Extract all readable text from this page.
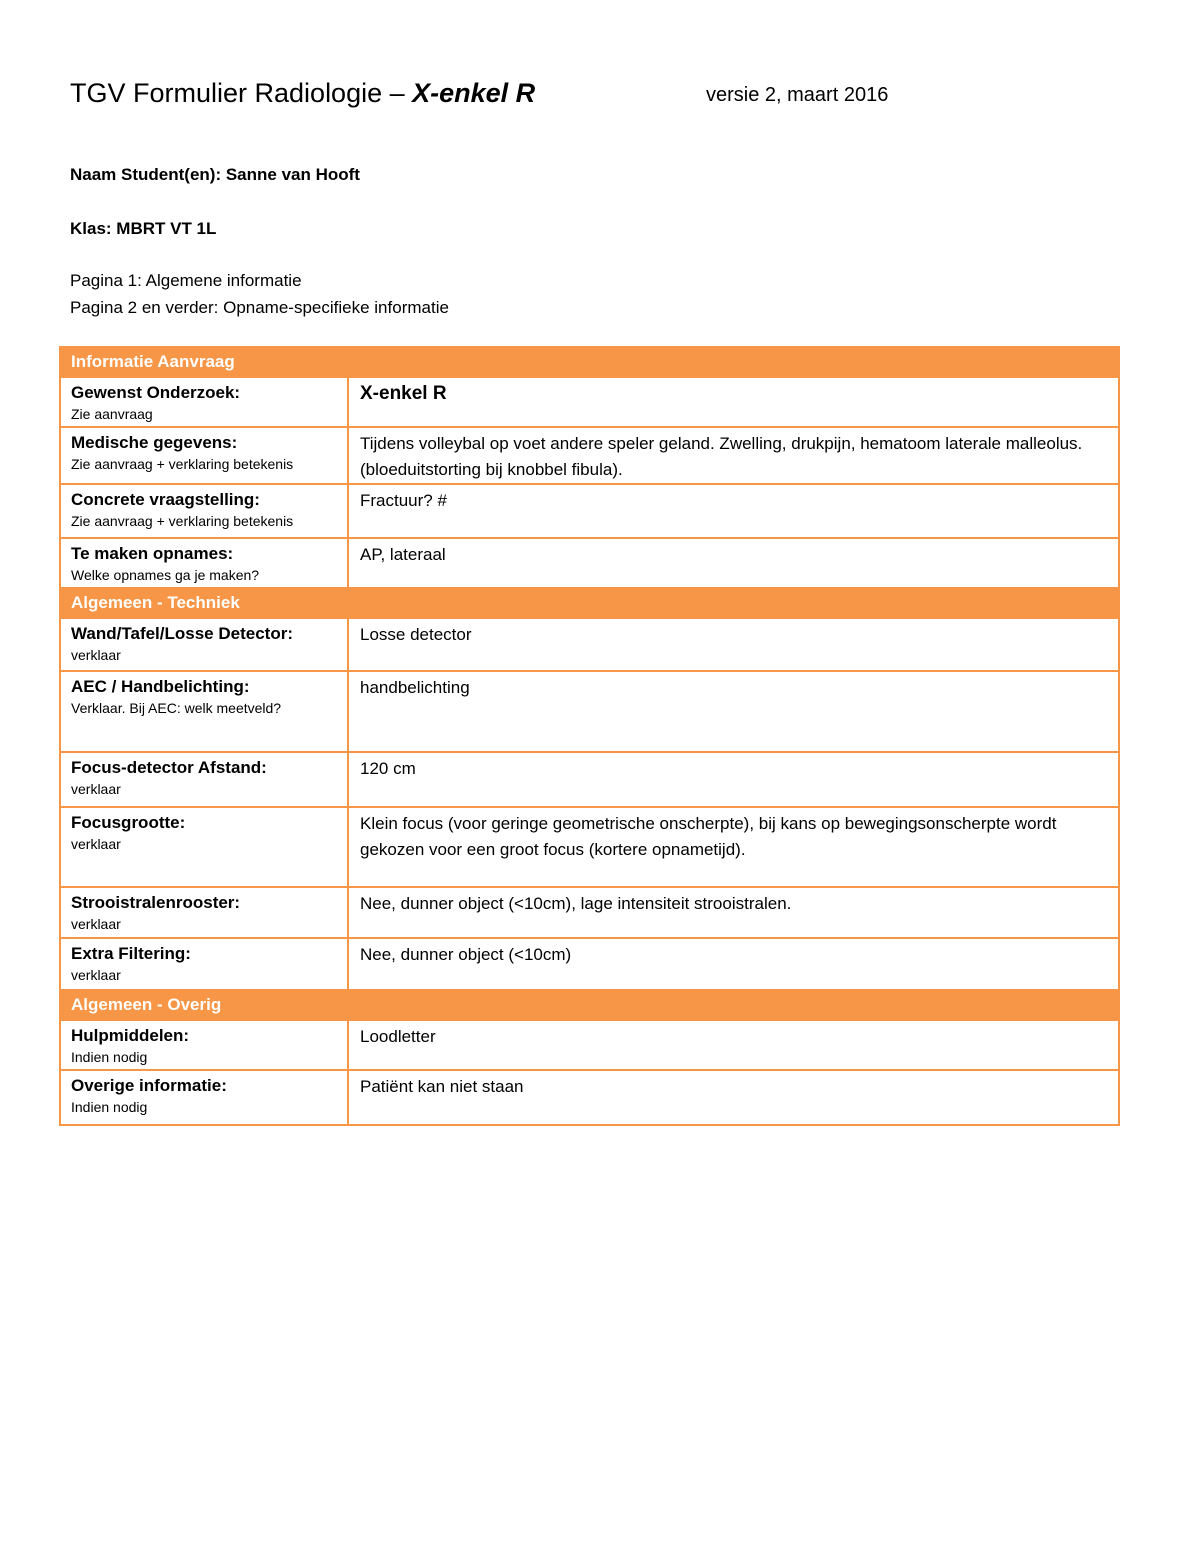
TGV Formulier Radiologie – X-enkel R	versie 2, maart 2016
Naam Student(en): Sanne van Hooft
Klas: MBRT VT 1L
Pagina 1: Algemene informatie
Pagina 2 en verder: Opname-specifieke informatie
Informatie Aanvraag	

Gewenst Onderzoek:
Zie aanvraag	X-enkel R

Medische gegevens:
Zie aanvraag + verklaring betekenis	Tijdens volleybal op voet andere speler geland. Zwelling, drukpijn, hematoom laterale malleolus. (bloeduitstorting bij knobbel fibula).

Concrete vraagstelling:
Zie aanvraag + verklaring betekenis	Fractuur? #

Te maken opnames:
Welke opnames ga je maken?	AP, lateraal

Algemeen - Techniek	

Wand/Tafel/Losse Detector:
verklaar	Losse detector

AEC / Handbelichting:
Verklaar. Bij AEC: welk meetveld?	handbelichting

Focus-detector Afstand:
verklaar	120 cm

Focusgrootte:
verklaar	Klein focus (voor geringe geometrische onscherpte), bij kans op bewegingsonscherpte wordt gekozen voor een groot focus (kortere opnametijd).

Strooistralenrooster:
verklaar	Nee, dunner object (<10cm), lage intensiteit strooistralen.

Extra Filtering:
verklaar	Nee, dunner object (<10cm)

Algemeen - Overig	

Hulpmiddelen:
Indien nodig	Loodletter

Overige informatie:
Indien nodig	Patiënt kan niet staan
